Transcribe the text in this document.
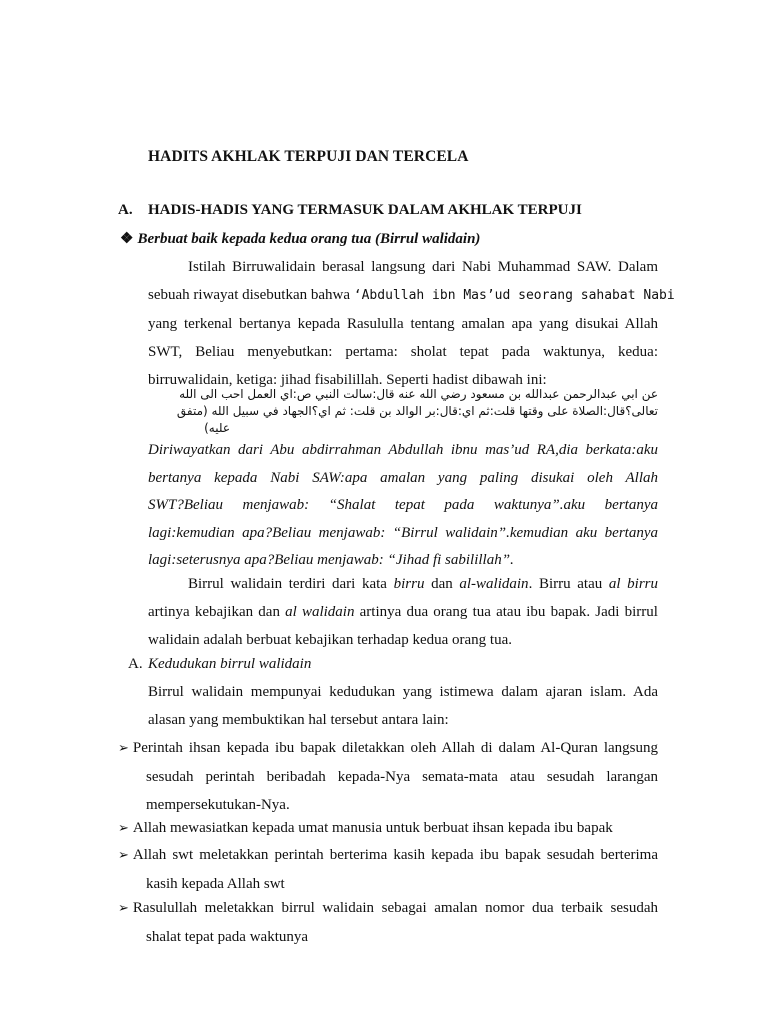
HADITS AKHLAK TERPUJI DAN TERCELA
A. HADIS-HADIS YANG TERMASUK DALAM AKHLAK TERPUJI
❖ Berbuat baik kepada kedua orang tua (Birrul walidain)
Istilah Birruwalidain berasal langsung dari Nabi Muhammad SAW. Dalam
sebuah riwayat disebutkan bahwa ‘Abdullah ibn Mas’ud seorang sahabat Nabi
yang terkenal bertanya kepada Rasululla tentang amalan apa yang disukai Allah
SWT, Beliau menyebutkan: pertama: sholat tepat pada waktunya, kedua:
birruwalidain, ketiga: jihad fisabilillah. Seperti hadist dibawah ini:
عن ابي عبدالرحمن عبدالله بن مسعود رضي الله عنه قال:سالت النبي ص:اي العمل احب الى الله
تعالى؟قال:الصلاة على وقتها قلت:ثم اي:قال:بر الوالد بن قلت: ثم اي؟الجهاد في سبيل الله (متفق
عليه)
Diriwayatkan dari Abu abdirrahman Abdullah ibnu mas’ud RA,dia berkata:aku
bertanya kepada Nabi SAW:apa amalan yang paling disukai oleh Allah
SWT?Beliau menjawab: “Shalat tepat pada waktunya”.aku bertanya
lagi:kemudian apa?Beliau menjawab: “Birrul walidain”.kemudian aku bertanya
lagi:seterusnya apa?Beliau menjawab: “Jihad fi sabilillah”.
Birrul walidain terdiri dari kata birru dan al-walidain. Birru atau al birru
artinya kebajikan dan al walidain artinya dua orang tua atau ibu bapak. Jadi birrul
walidain adalah berbuat kebajikan terhadap kedua orang tua.
A. Kedudukan birrul walidain
Birrul walidain mempunyai kedudukan yang istimewa dalam ajaran islam. Ada
alasan yang membuktikan hal tersebut antara lain:
➢ Perintah ihsan kepada ibu bapak diletakkan oleh Allah di dalam Al-Quran langsung
sesudah perintah beribadah kepada-Nya semata-mata atau sesudah larangan
mempersekutukan-Nya.
➢ Allah mewasiatkan kepada umat manusia untuk berbuat ihsan kepada ibu bapak
➢ Allah swt meletakkan perintah berterima kasih kepada ibu bapak sesudah berterima
kasih kepada Allah swt
➢ Rasulullah meletakkan birrul walidain sebagai amalan nomor dua terbaik sesudah
shalat tepat pada waktunya
